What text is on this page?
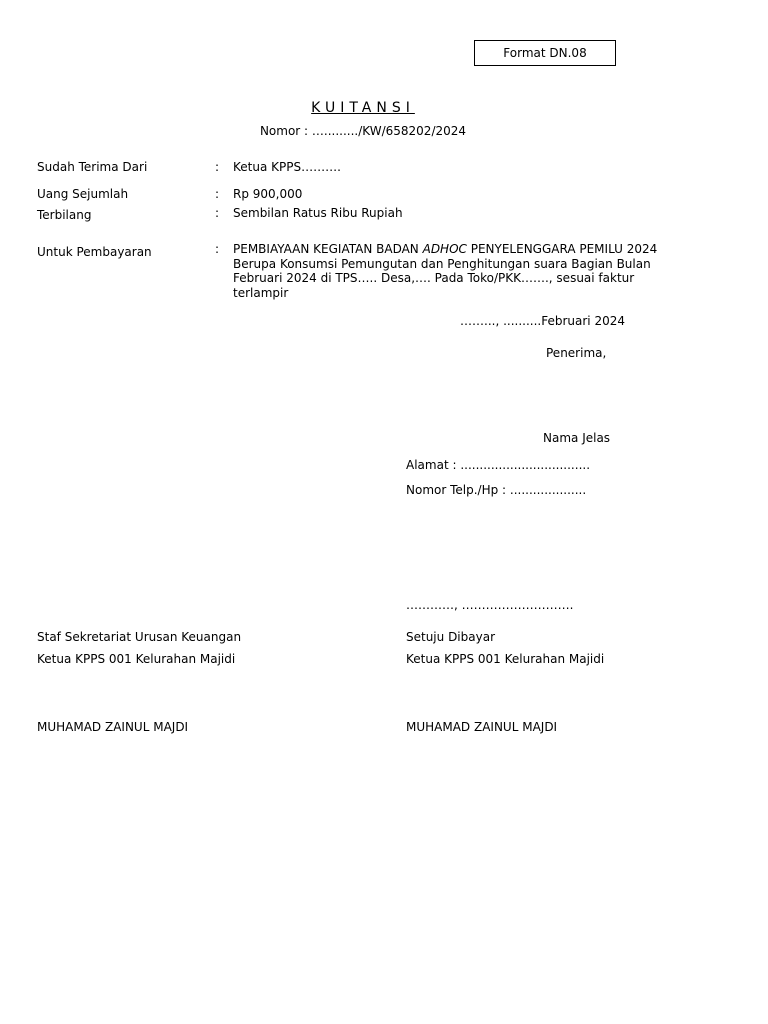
Format DN.08
KUITANSI
Nomor : …........./KW/658202/2024
Sudah Terima Dari	: Ketua KPPS……….
Uang Sejumlah	: Rp 900,000
Terbilang	: Sembilan Ratus Ribu Rupiah
Untuk Pembayaran	: PEMBIAYAAN KEGIATAN BADAN ADHOC PENYELENGGARA PEMILU 2024 Berupa Konsumsi Pemungutan dan Penghitungan suara Bagian Bulan Februari 2024 di TPS….. Desa,…. Pada Toko/PKK……., sesuai faktur terlampir
……..., ..........Februari 2024
Penerima,
Nama Jelas
Alamat : ..................................
Nomor Telp./Hp : ....................
…………, ……………………….
Staf Sekretariat Urusan Keuangan
Ketua KPPS 001 Kelurahan Majidi
MUHAMAD ZAINUL MAJDI
Setuju Dibayar
Ketua KPPS 001 Kelurahan Majidi
MUHAMAD ZAINUL MAJDI
